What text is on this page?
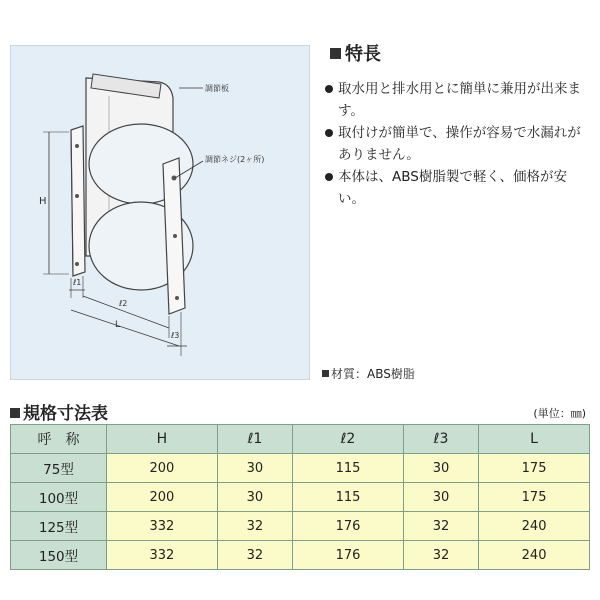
調節板
調節ネジ(2ヶ所)
H
ℓ1
ℓ2
L
ℓ3
特長
取水用と排水用とに簡単に兼用が出来ます。
取付けが簡単で、操作が容易で水漏れがありません。
本体は、ABS樹脂製で軽く、価格が安い。
材質：ABS樹脂
規格寸法表	(単位：㎜)
呼　称	H	ℓ1	ℓ2	ℓ3	L
75型	200	30	115	30	175
100型	200	30	115	30	175
125型	332	32	176	32	240
150型	332	32	176	32	240
